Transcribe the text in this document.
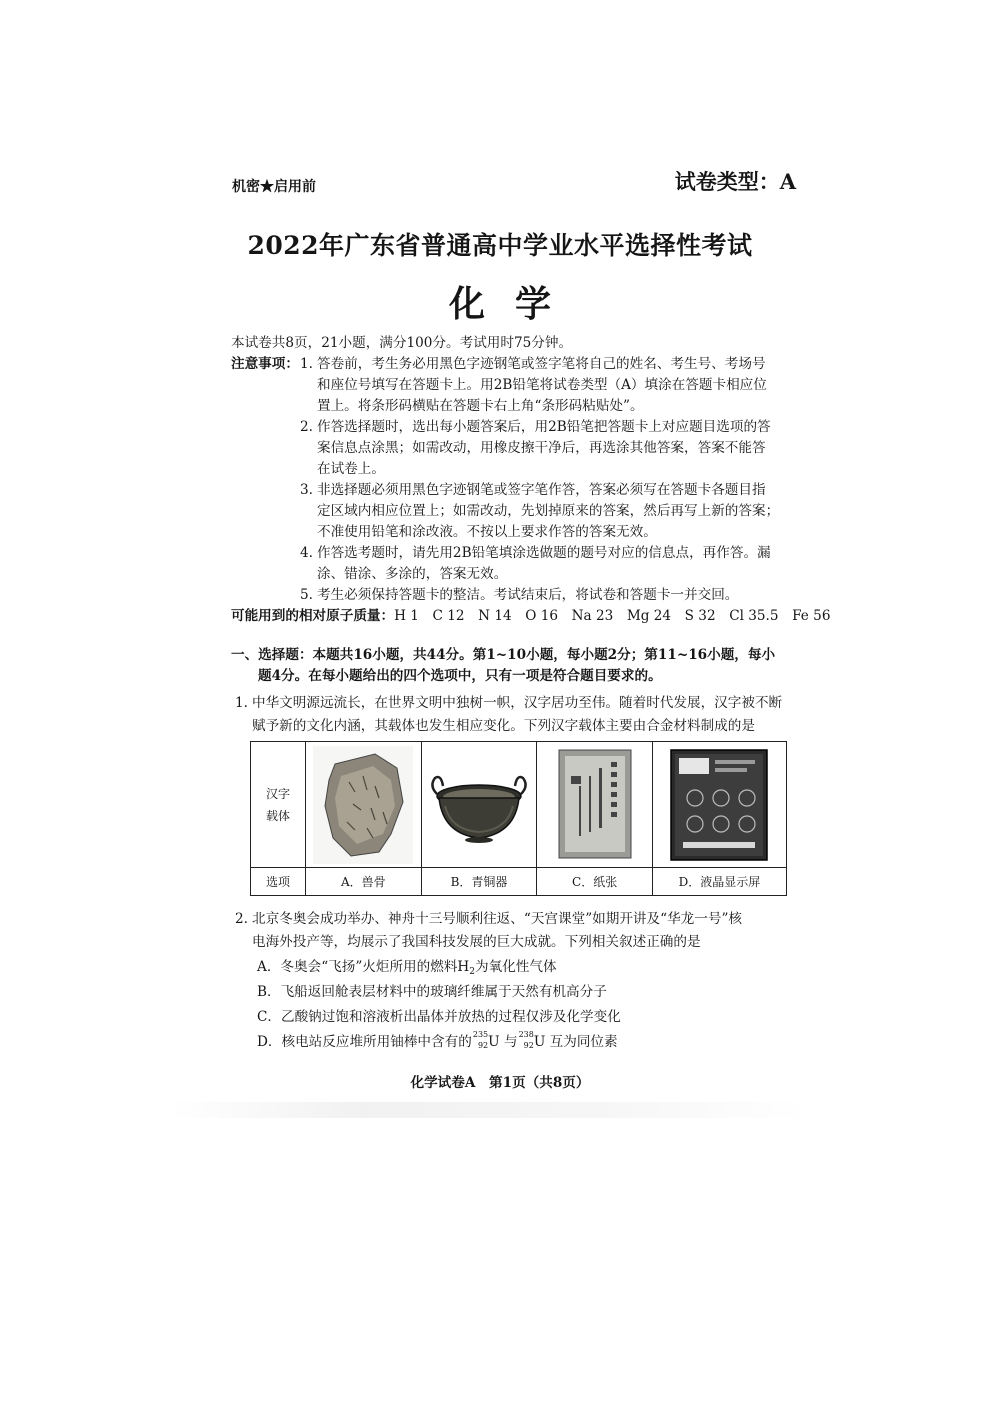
机密★启用前	试卷类型：A
2022年广东省普通高中学业水平选择性考试
化学
本试卷共8页，21小题，满分100分。考试用时75分钟。
注意事项： 1. 答卷前，考生务必用黑色字迹钢笔或签字笔将自己的姓名、考生号、考场号
和座位号填写在答题卡上。用2B铅笔将试卷类型（A）填涂在答题卡相应位
置上。将条形码横贴在答题卡右上角“条形码粘贴处”。
2. 作答选择题时，选出每小题答案后，用2B铅笔把答题卡上对应题目选项的答
案信息点涂黑；如需改动，用橡皮擦干净后，再选涂其他答案，答案不能答
在试卷上。
3. 非选择题必须用黑色字迹钢笔或签字笔作答，答案必须写在答题卡各题目指
定区域内相应位置上；如需改动，先划掉原来的答案，然后再写上新的答案；
不准使用铅笔和涂改液。不按以上要求作答的答案无效。
4. 作答选考题时，请先用2B铅笔填涂选做题的题号对应的信息点，再作答。漏
涂、错涂、多涂的，答案无效。
5. 考生必须保持答题卡的整洁。考试结束后，将试卷和答题卡一并交回。
可能用到的相对原子质量：H 1　C 12　N 14　O 16　Na 23　Mg 24　S 32　Cl 35.5　Fe 56
一、选择题：本题共16小题，共44分。第1~10小题，每小题2分；第11~16小题，每小
题4分。在每小题给出的四个选项中，只有一项是符合题目要求的。
1. 中华文明源远流长，在世界文明中独树一帜，汉字居功至伟。随着时代发展，汉字被不断
赋予新的文化内涵，其载体也发生相应变化。下列汉字载体主要由合金材料制成的是
汉字载体	

选项	A．兽骨	B．青铜器	C．纸张	D．液晶显示屏
2. 北京冬奥会成功举办、神舟十三号顺利往返、“天宫课堂”如期开讲及“华龙一号”核
电海外投产等，均展示了我国科技发展的巨大成就。下列相关叙述正确的是
A．冬奥会“飞扬”火炬所用的燃料$H_2$为氧化性气体
B．飞船返回舱表层材料中的玻璃纤维属于天然有机高分子
C．乙酸钠过饱和溶液析出晶体并放热的过程仅涉及化学变化
D．核电站反应堆所用铀棒中含有的 235
92 U 与 238
92 U 互为同位素
化学试卷A　第1页（共8页）
